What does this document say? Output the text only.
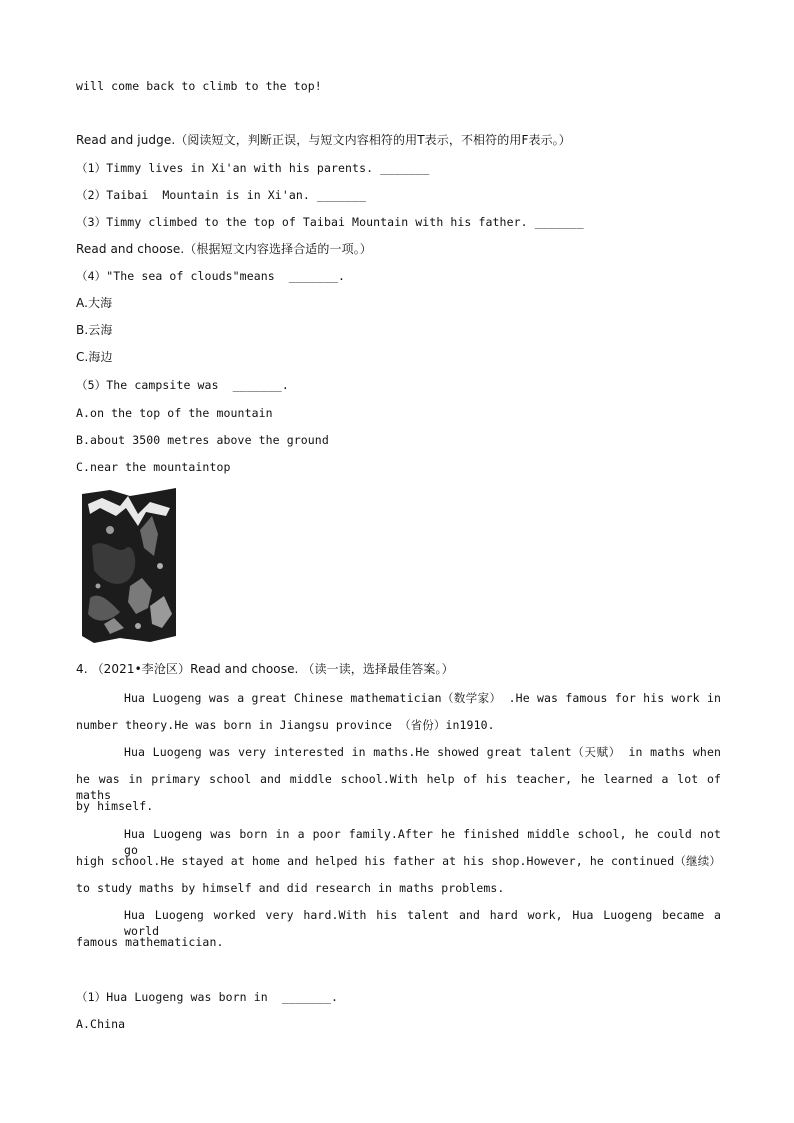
will come back to climb to the top!
Read and judge.（阅读短文，判断正误，与短文内容相符的用T表示，不相符的用F表示。）
（1）Timmy lives in Xi'an with his parents. _______
（2）Taibai  Mountain is in Xi'an. _______
（3）Timmy climbed to the top of Taibai Mountain with his father. _______
Read and choose.（根据短文内容选择合适的一项。）
（4）"The sea of clouds"means  _______.
A.大海
B.云海
C.海边
（5）The campsite was  _______.
A.on the top of the mountain
B.about 3500 metres above the ground
C.near the mountaintop
4. （2021•李沧区）Read and choose. （读一读，选择最佳答案。）
Hua Luogeng was a great Chinese mathematician（数学家） .He was famous for his work in
number theory.He was born in Jiangsu province （省份）in1910.
Hua Luogeng was very interested in maths.He showed great talent（天赋） in maths when
he was in primary school and middle school.With help of his teacher, he learned a lot of maths
by himself.
Hua Luogeng was born in a poor family.After he finished middle school, he could not go
high school.He stayed at home and helped his father at his shop.However, he continued（继续）
to study maths by himself and did research in maths problems.
Hua Luogeng worked very hard.With his talent and hard work, Hua Luogeng became a world
famous mathematician.
（1）Hua Luogeng was born in  _______.
A.China
